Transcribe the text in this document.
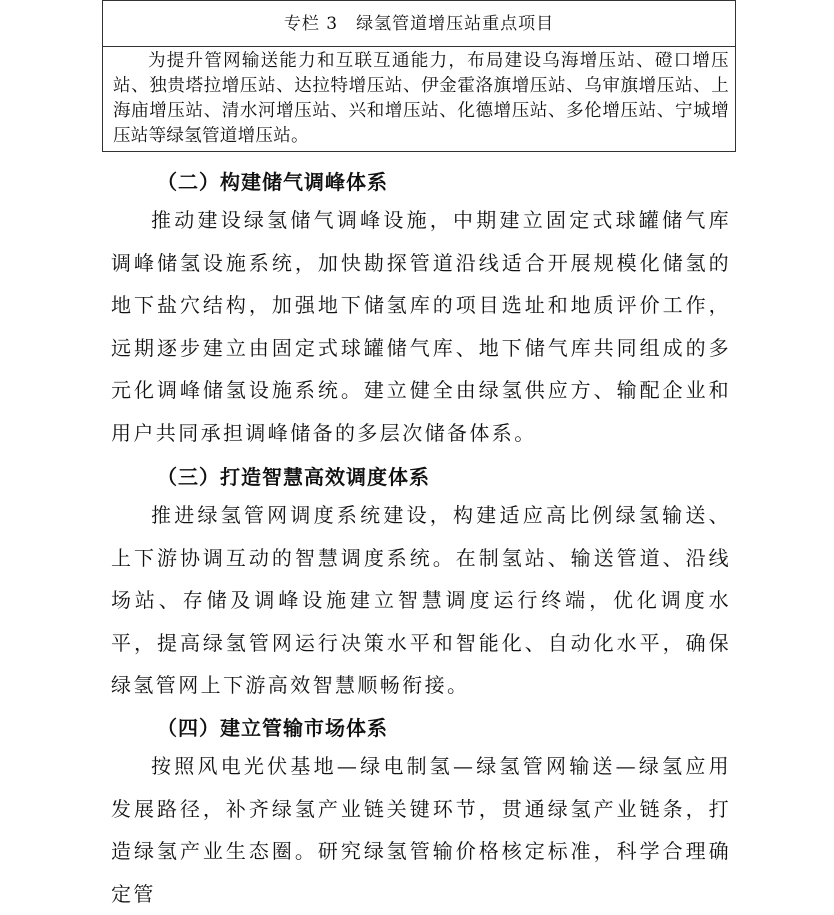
专栏 3　绿氢管道增压站重点项目
为提升管网输送能力和互联互通能力，布局建设乌海增压站、磴口增压站、独贵塔拉增压站、达拉特增压站、伊金霍洛旗增压站、乌审旗增压站、上海庙增压站、清水河增压站、兴和增压站、化德增压站、多伦增压站、宁城增压站等绿氢管道增压站。
（二）构建储气调峰体系
推动建设绿氢储气调峰设施，中期建立固定式球罐储气库调峰储氢设施系统，加快勘探管道沿线适合开展规模化储氢的地下盐穴结构，加强地下储氢库的项目选址和地质评价工作，远期逐步建立由固定式球罐储气库、地下储气库共同组成的多元化调峰储氢设施系统。建立健全由绿氢供应方、输配企业和用户共同承担调峰储备的多层次储备体系。
（三）打造智慧高效调度体系
推进绿氢管网调度系统建设，构建适应高比例绿氢输送、上下游协调互动的智慧调度系统。在制氢站、输送管道、沿线场站、存储及调峰设施建立智慧调度运行终端，优化调度水平，提高绿氢管网运行决策水平和智能化、自动化水平，确保绿氢管网上下游高效智慧顺畅衔接。
（四）建立管输市场体系
按照风电光伏基地—绿电制氢—绿氢管网输送—绿氢应用发展路径，补齐绿氢产业链关键环节，贯通绿氢产业链条，打造绿氢产业生态圈。研究绿氢管输价格核定标准，科学合理确定管
